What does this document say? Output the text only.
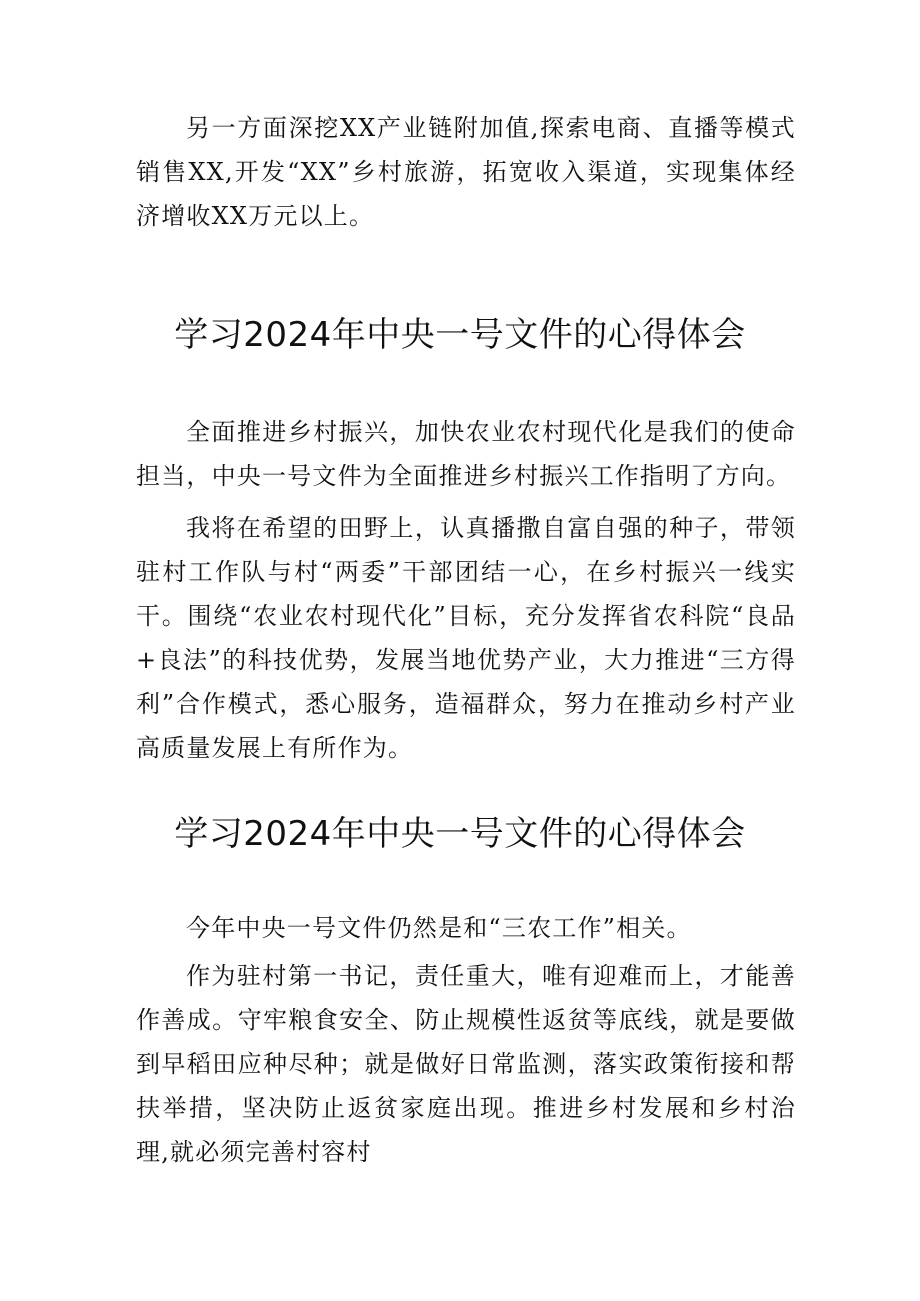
另一方面深挖XX产业链附加值,探索电商、直播等模式销售XX,开发“XX”乡村旅游，拓宽收入渠道，实现集体经济增收XX万元以上。

学习2024年中央一号文件的心得体会

全面推进乡村振兴，加快农业农村现代化是我们的使命担当，中央一号文件为全面推进乡村振兴工作指明了方向。

我将在希望的田野上，认真播撒自富自强的种子，带领驻村工作队与村“两委”干部团结一心，在乡村振兴一线实干。围绕“农业农村现代化”目标，充分发挥省农科院“良品+良法”的科技优势，发展当地优势产业，大力推进“三方得利”合作模式，悉心服务，造福群众，努力在推动乡村产业高质量发展上有所作为。

学习2024年中央一号文件的心得体会

今年中央一号文件仍然是和“三农工作”相关。

作为驻村第一书记，责任重大，唯有迎难而上，才能善作善成。守牢粮食安全、防止规模性返贫等底线，就是要做到早稻田应种尽种；就是做好日常监测，落实政策衔接和帮扶举措，坚决防止返贫家庭出现。推进乡村发展和乡村治理,就必须完善村容村
